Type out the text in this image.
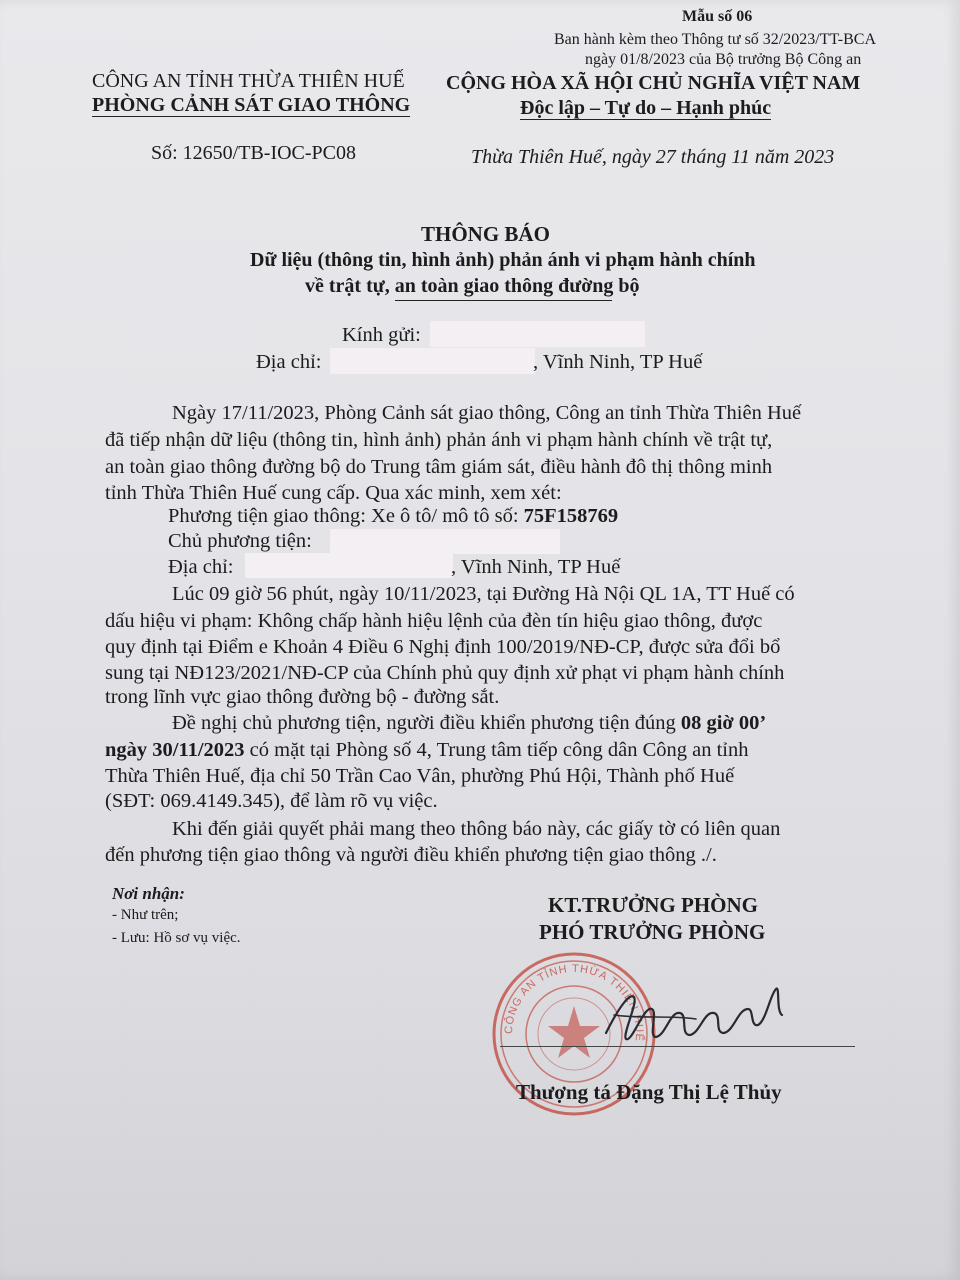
Mẫu số 06
Ban hành kèm theo Thông tư số 32/2023/TT-BCA
ngày 01/8/2023 của Bộ trưởng Bộ Công an
CÔNG AN TỈNH THỪA THIÊN HUẾ
PHÒNG CẢNH SÁT GIAO THÔNG
Số: 12650/TB-IOC-PC08
CỘNG HÒA XÃ HỘI CHỦ NGHĨA VIỆT NAM
Độc lập – Tự do – Hạnh phúc
Thừa Thiên Huế, ngày 27 tháng 11 năm 2023
THÔNG BÁO
Dữ liệu (thông tin, hình ảnh) phản ánh vi phạm hành chính
về trật tự, an toàn giao thông đường bộ
Kính gửi:
Địa chỉ:	, Vĩnh Ninh, TP Huế
Ngày 17/11/2023, Phòng Cảnh sát giao thông, Công an tỉnh Thừa Thiên Huế
đã tiếp nhận dữ liệu (thông tin, hình ảnh) phản ánh vi phạm hành chính về trật tự,
an toàn giao thông đường bộ do Trung tâm giám sát, điều hành đô thị thông minh
tỉnh Thừa Thiên Huế cung cấp. Qua xác minh, xem xét:
Phương tiện giao thông: Xe ô tô/ mô tô số: 75F158769
Chủ phương tiện:
Địa chỉ:	, Vĩnh Ninh, TP Huế
Lúc 09 giờ 56 phút, ngày 10/11/2023, tại Đường Hà Nội QL 1A, TT Huế có
dấu hiệu vi phạm: Không chấp hành hiệu lệnh của đèn tín hiệu giao thông, được
quy định tại Điểm e Khoản 4 Điều 6 Nghị định 100/2019/NĐ-CP, được sửa đổi bổ
sung tại NĐ123/2021/NĐ-CP của Chính phủ quy định xử phạt vi phạm hành chính
trong lĩnh vực giao thông đường bộ - đường sắt.
Đề nghị chủ phương tiện, người điều khiển phương tiện đúng 08 giờ 00’
ngày 30/11/2023 có mặt tại Phòng số 4, Trung tâm tiếp công dân Công an tỉnh
Thừa Thiên Huế, địa chỉ 50 Trần Cao Vân, phường Phú Hội, Thành phố Huế
(SĐT: 069.4149.345), để làm rõ vụ việc.
Khi đến giải quyết phải mang theo thông báo này, các giấy tờ có liên quan
đến phương tiện giao thông và người điều khiển phương tiện giao thông ./.
Nơi nhận:
- Như trên;
- Lưu: Hồ sơ vụ việc.
KT.TRƯỞNG PHÒNG
PHÓ TRƯỞNG PHÒNG
CÔNG AN TỈNH THỪA THIÊN HUẾ
Thượng tá Đặng Thị Lệ Thủy
